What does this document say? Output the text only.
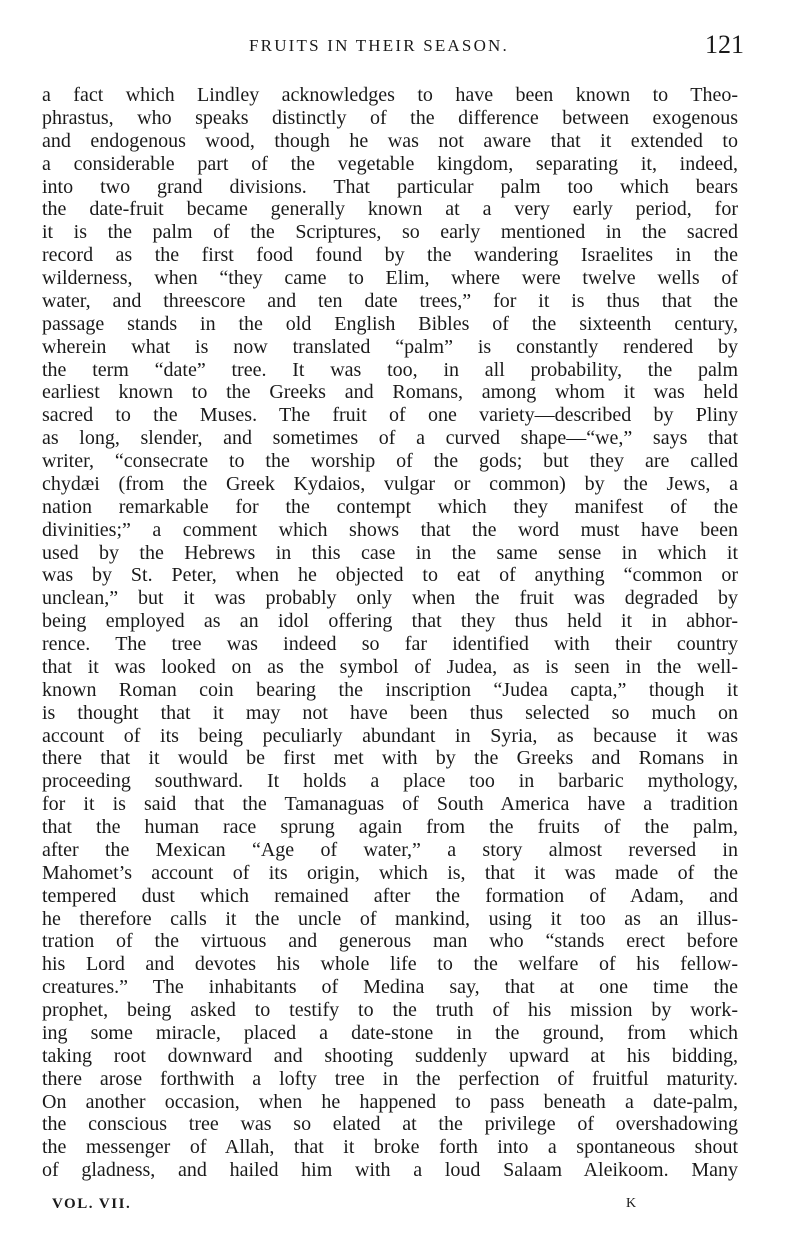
FRUITS IN THEIR SEASON.	121
a fact which Lindley acknowledges to have been known to Theo-
phrastus, who speaks distinctly of the difference between exogenous
and endogenous wood, though he was not aware that it extended to
a considerable part of the vegetable kingdom, separating it, indeed,
into two grand divisions. That particular palm too which bears
the date-fruit became generally known at a very early period, for
it is the palm of the Scriptures, so early mentioned in the sacred
record as the first food found by the wandering Israelites in the
wilderness, when “they came to Elim, where were twelve wells of
water, and threescore and ten date trees,” for it is thus that the
passage stands in the old English Bibles of the sixteenth century,
wherein what is now translated “palm” is constantly rendered by
the term “date” tree. It was too, in all probability, the palm
earliest known to the Greeks and Romans, among whom it was held
sacred to the Muses. The fruit of one variety—described by Pliny
as long, slender, and sometimes of a curved shape—“we,” says that
writer, “consecrate to the worship of the gods; but they are called
chydæi (from the Greek Kydaios, vulgar or common) by the Jews, a
nation remarkable for the contempt which they manifest of the
divinities;” a comment which shows that the word must have been
used by the Hebrews in this case in the same sense in which it
was by St. Peter, when he objected to eat of anything “common or
unclean,” but it was probably only when the fruit was degraded by
being employed as an idol offering that they thus held it in abhor-
rence. The tree was indeed so far identified with their country
that it was looked on as the symbol of Judea, as is seen in the well-
known Roman coin bearing the inscription “Judea capta,” though it
is thought that it may not have been thus selected so much on
account of its being peculiarly abundant in Syria, as because it was
there that it would be first met with by the Greeks and Romans in
proceeding southward. It holds a place too in barbaric mythology,
for it is said that the Tamanaguas of South America have a tradition
that the human race sprung again from the fruits of the palm,
after the Mexican “Age of water,” a story almost reversed in
Mahomet’s account of its origin, which is, that it was made of the
tempered dust which remained after the formation of Adam, and
he therefore calls it the uncle of mankind, using it too as an illus-
tration of the virtuous and generous man who “stands erect before
his Lord and devotes his whole life to the welfare of his fellow-
creatures.” The inhabitants of Medina say, that at one time the
prophet, being asked to testify to the truth of his mission by work-
ing some miracle, placed a date-stone in the ground, from which
taking root downward and shooting suddenly upward at his bidding,
there arose forthwith a lofty tree in the perfection of fruitful maturity.
On another occasion, when he happened to pass beneath a date-palm,
the conscious tree was so elated at the privilege of overshadowing
the messenger of Allah, that it broke forth into a spontaneous shout
of gladness, and hailed him with a loud Salaam Aleikoom. Many
VOL. VII.	K
